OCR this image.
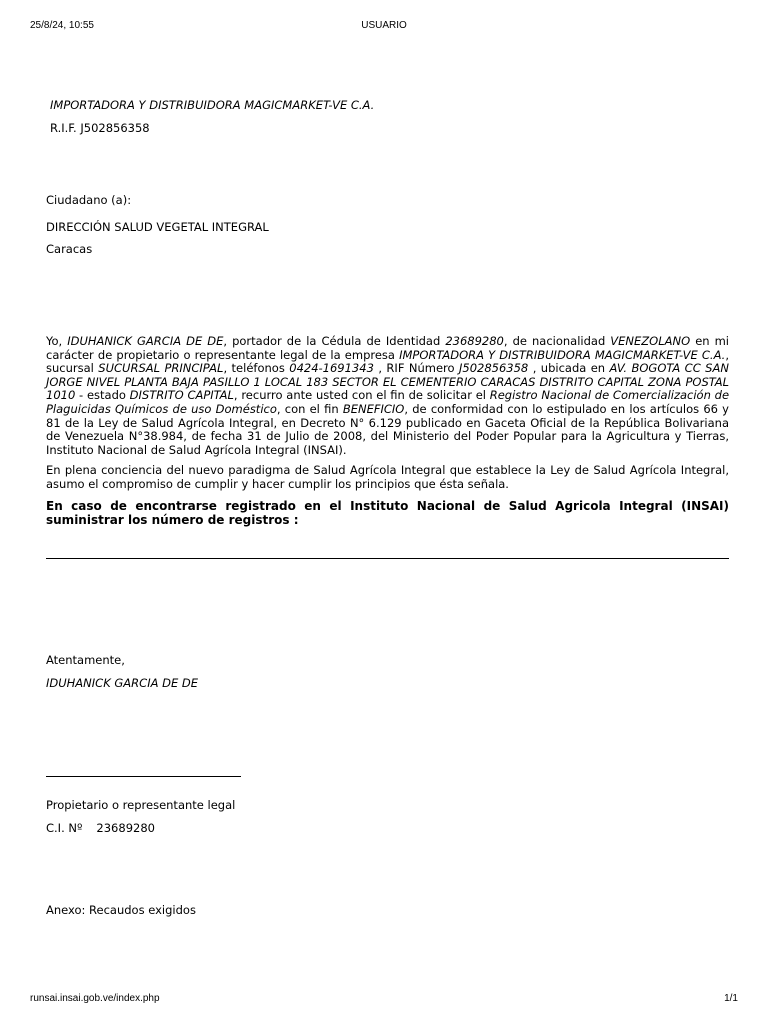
25/8/24, 10:55	USUARIO
IMPORTADORA Y DISTRIBUIDORA MAGICMARKET-VE C.A.
R.I.F. J502856358
Ciudadano (a):
DIRECCIÓN SALUD VEGETAL INTEGRAL
Caracas

Yo, IDUHANICK GARCIA DE DE, portador de la Cédula de Identidad 23689280, de nacionalidad VENEZOLANO en mi carácter de propietario o representante legal de la empresa IMPORTADORA Y DISTRIBUIDORA MAGICMARKET-VE C.A., sucursal SUCURSAL PRINCIPAL, teléfonos 0424-1691343 , RIF Número J502856358 , ubicada en AV. BOGOTA CC SAN JORGE NIVEL PLANTA BAJA PASILLO 1 LOCAL 183 SECTOR EL CEMENTERIO CARACAS DISTRITO CAPITAL ZONA POSTAL 1010 - estado DISTRITO CAPITAL, recurro ante usted con el fin de solicitar el Registro Nacional de Comercialización de Plaguicidas Químicos de uso Doméstico, con el fin BENEFICIO, de conformidad con lo estipulado en los artículos 66 y 81 de la Ley de Salud Agrícola Integral, en Decreto N° 6.129 publicado en Gaceta Oficial de la República Bolivariana de Venezuela N°38.984, de fecha 31 de Julio de 2008, del Ministerio del Poder Popular para la Agricultura y Tierras, Instituto Nacional de Salud Agrícola Integral (INSAI).

En plena conciencia del nuevo paradigma de Salud Agrícola Integral que establece la Ley de Salud Agrícola Integral, asumo el compromiso de cumplir y hacer cumplir los principios que ésta señala.

En caso de encontrarse registrado en el Instituto Nacional de Salud Agricola Integral (INSAI) suministrar los número de registros :

Atentamente,
IDUHANICK GARCIA DE DE
Propietario o representante legal
C.I. Nº 23689280
Anexo: Recaudos exigidos
runsai.insai.gob.ve/index.php	1/1
